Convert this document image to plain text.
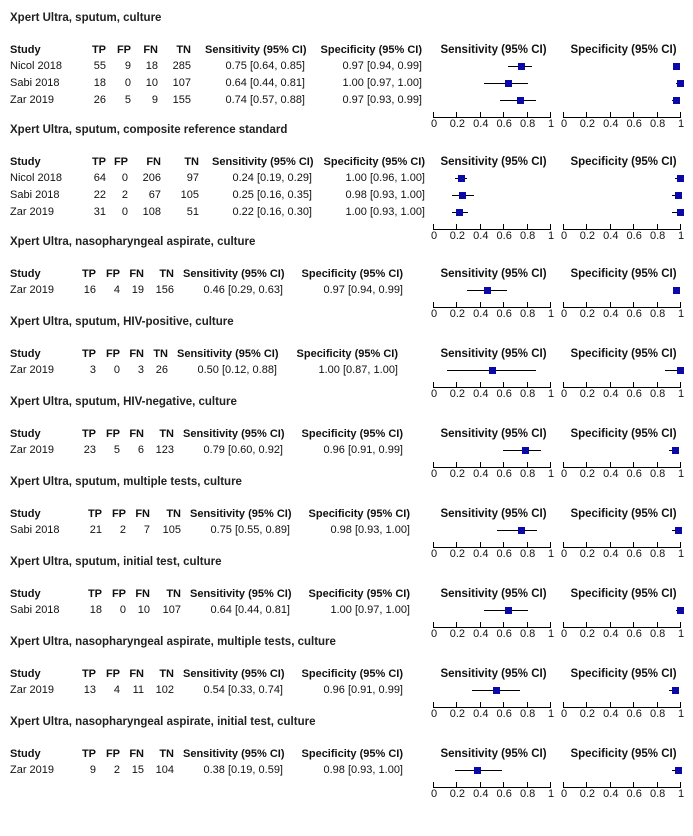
Xpert Ultra, sputum, culture
Study	TP FP	FN	TN Sensitivity (95% CI)	Specificity (95% CI) Sensitivity (95% CI) Specificity (95% CI)
Nicol 2018	55	9	18	285	0.75 [0.64, 0.85]	0.97 [0.94, 0.99]
Sabi 2018	18	0	10	107	0.64 [0.44, 0.81]	1.00 [0.97, 1.00]
Zar 2019	26	5	9	155	0.74 [0.57, 0.88]	0.97 [0.93, 0.99]
0 0.2 0.4 0.6 0.8 1 0 0.2 0.4 0.6 0.8 1
Xpert Ultra, sputum, composite reference standard
Study	TP FP	FN	TN Sensitivity (95% CI) Specificity (95% CI) Sensitivity (95% CI) Specificity (95% CI)
Nicol 2018	64	0	206	97	0.24 [0.19, 0.29]	1.00 [0.96, 1.00]
Sabi 2018	22	2	67	105	0.25 [0.16, 0.35]	0.98 [0.93, 1.00]
Zar 2019	31	0	108	51	0.22 [0.16, 0.30]	1.00 [0.93, 1.00]
0 0.2 0.4 0.6 0.8 1 0 0.2 0.4 0.6 0.8 1
Xpert Ultra, nasopharyngeal aspirate, culture
Study	TP FP FN	TN Sensitivity (95% CI)	Specificity (95% CI)	Sensitivity (95% CI) Specificity (95% CI)
Zar 2019	16	4	19	156	0.46 [0.29, 0.63]	0.97 [0.94, 0.99]
0 0.2 0.4 0.6 0.8 1 0 0.2 0.4 0.6 0.8 1
Xpert Ultra, sputum, HIV-positive, culture
Study	TP FP FN TN Sensitivity (95% CI)	Specificity (95% CI)	Sensitivity (95% CI) Specificity (95% CI)
Zar 2019	3	0	3	26	0.50 [0.12, 0.88]	1.00 [0.87, 1.00]
0 0.2 0.4 0.6 0.8 1 0 0.2 0.4 0.6 0.8 1
Xpert Ultra, sputum, HIV-negative, culture
Study	TP FP FN	TN Sensitivity (95% CI)	Specificity (95% CI)	Sensitivity (95% CI) Specificity (95% CI)
Zar 2019	23	5	6	123	0.79 [0.60, 0.92]	0.96 [0.91, 0.99]
0 0.2 0.4 0.6 0.8 1 0 0.2 0.4 0.6 0.8 1
Xpert Ultra, sputum, multiple tests, culture
Study	TP FP FN	TN Sensitivity (95% CI)	Specificity (95% CI)	Sensitivity (95% CI) Specificity (95% CI)
Sabi 2018	21	2	7	105	0.75 [0.55, 0.89]	0.98 [0.93, 1.00]
0 0.2 0.4 0.6 0.8 1 0 0.2 0.4 0.6 0.8 1
Xpert Ultra, sputum, initial test, culture
Study	TP FP FN	TN Sensitivity (95% CI)	Specificity (95% CI)	Sensitivity (95% CI) Specificity (95% CI)
Sabi 2018	18	0	10	107	0.64 [0.44, 0.81]	1.00 [0.97, 1.00]
0 0.2 0.4 0.6 0.8 1 0 0.2 0.4 0.6 0.8 1
Xpert Ultra, nasopharyngeal aspirate, multiple tests, culture
Study	TP FP FN	TN Sensitivity (95% CI)	Specificity (95% CI)	Sensitivity (95% CI) Specificity (95% CI)
Zar 2019	13	4	11	102	0.54 [0.33, 0.74]	0.96 [0.91, 0.99]
0 0.2 0.4 0.6 0.8 1 0 0.2 0.4 0.6 0.8 1
Xpert Ultra, nasopharyngeal aspirate, initial test, culture
Study	TP FP FN	TN Sensitivity (95% CI)	Specificity (95% CI)	Sensitivity (95% CI) Specificity (95% CI)
Zar 2019	9	2	15	104	0.38 [0.19, 0.59]	0.98 [0.93, 1.00]
0 0.2 0.4 0.6 0.8 1 0 0.2 0.4 0.6 0.8 1
